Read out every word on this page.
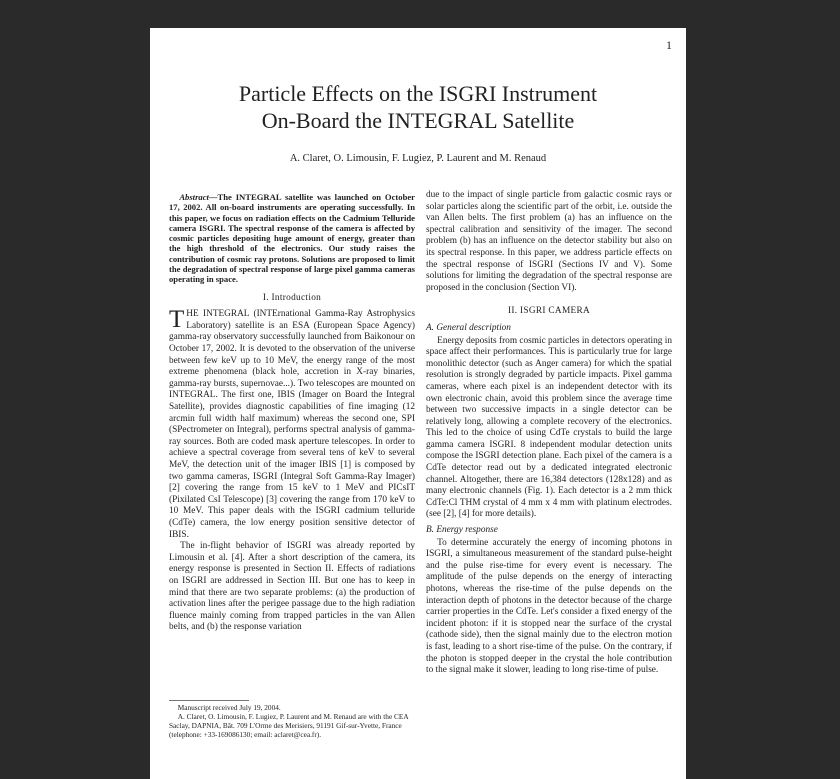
1
Particle Effects on the ISGRI Instrument
On-Board the INTEGRAL Satellite
A. Claret, O. Limousin, F. Lugiez, P. Laurent and M. Renaud

Abstract—The INTEGRAL satellite was launched on October 17, 2002. All on-board instruments are operating successfully. In this paper, we focus on radiation effects on the Cadmium Telluride camera ISGRI. The spectral response of the camera is affected by cosmic particles depositing huge amount of energy, greater than the high threshold of the electronics. Our study raises the contribution of cosmic ray protons. Solutions are proposed to limit the degradation of spectral response of large pixel gamma cameras operating in space.

I. Introduction

THE INTEGRAL (INTErnational Gamma-Ray Astrophysics Laboratory) satellite is an ESA (European Space Agency) gamma-ray observatory successfully launched from Baikonour on October 17, 2002. It is devoted to the observation of the universe between few keV up to 10 MeV, the energy range of the most extreme phenomena (black hole, accretion in X-ray binaries, gamma-ray bursts, supernovae...). Two telescopes are mounted on INTEGRAL. The first one, IBIS (Imager on Board the Integral Satellite), provides diagnostic capabilities of fine imaging (12 arcmin full width half maximum) whereas the second one, SPI (SPectrometer on Integral), performs spectral analysis of gamma-ray sources. Both are coded mask aperture telescopes. In order to achieve a spectral coverage from several tens of keV to several MeV, the detection unit of the imager IBIS [1] is composed by two gamma cameras, ISGRI (Integral Soft Gamma-Ray Imager) [2] covering the range from 15 keV to 1 MeV and PICsIT (Pixilated CsI Telescope) [3] covering the range from 170 keV to 10 MeV. This paper deals with the ISGRI cadmium telluride (CdTe) camera, the low energy position sensitive detector of IBIS.

The in-flight behavior of ISGRI was already reported by Limousin et al. [4]. After a short description of the camera, its energy response is presented in Section II. Effects of radiations on ISGRI are addressed in Section III. But one has to keep in mind that there are two separate problems: (a) the production of activation lines after the perigee passage due to the high radiation fluence mainly coming from trapped particles in the van Allen belts, and (b) the response variation

Manuscript received July 19, 2004.

A. Claret, O. Limousin, F. Lugiez, P. Laurent and M. Renaud are with the CEA Saclay, DAPNIA, Bât. 709 L'Orme des Merisiers, 91191 Gif-sur-Yvette, France (telephone: +33-169086130; email: aclaret@cea.fr).

due to the impact of single particle from galactic cosmic rays or solar particles along the scientific part of the orbit, i.e. outside the van Allen belts. The first problem (a) has an influence on the spectral calibration and sensitivity of the imager. The second problem (b) has an influence on the detector stability but also on its spectral response. In this paper, we address particle effects on the spectral response of ISGRI (Sections IV and V). Some solutions for limiting the degradation of the spectral response are proposed in the conclusion (Section VI).

II. ISGRI CAMERA
A. General description

Energy deposits from cosmic particles in detectors operating in space affect their performances. This is particularly true for large monolithic detector (such as Anger camera) for which the spatial resolution is strongly degraded by particle impacts. Pixel gamma cameras, where each pixel is an independent detector with its own electronic chain, avoid this problem since the average time between two successive impacts in a single detector can be relatively long, allowing a complete recovery of the electronics. This led to the choice of using CdTe crystals to build the large gamma camera ISGRI. 8 independent modular detection units compose the ISGRI detection plane. Each pixel of the camera is a CdTe detector read out by a dedicated integrated electronic channel. Altogether, there are 16,384 detectors (128x128) and as many electronic channels (Fig. 1). Each detector is a 2 mm thick CdTe:Cl THM crystal of 4 mm x 4 mm with platinum electrodes. (see [2], [4] for more details).

B. Energy response

To determine accurately the energy of incoming photons in ISGRI, a simultaneous measurement of the standard pulse-height and the pulse rise-time for every event is necessary. The amplitude of the pulse depends on the energy of interacting photons, whereas the rise-time of the pulse depends on the interaction depth of photons in the detector because of the charge carrier properties in the CdTe. Let's consider a fixed energy of the incident photon: if it is stopped near the surface of the crystal (cathode side), then the signal mainly due to the electron motion is fast, leading to a short rise-time of the pulse. On the contrary, if the photon is stopped deeper in the crystal the hole contribution to the signal make it slower, leading to long rise-time of pulse.
